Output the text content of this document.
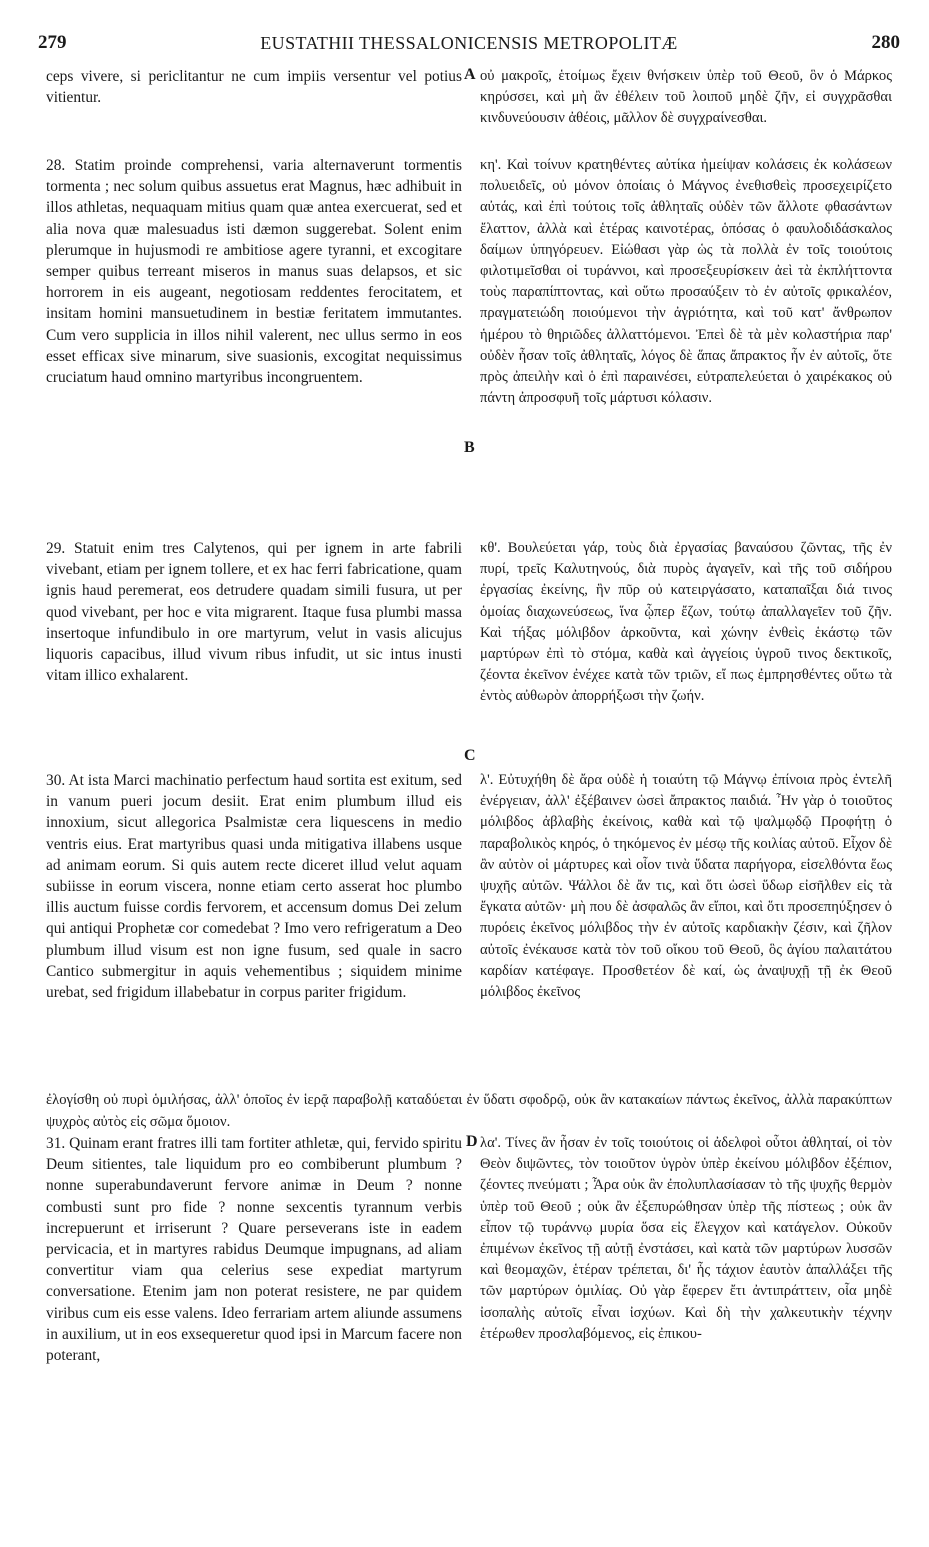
279	EUSTATHII THESSALONICENSIS METROPOLITÆ	280

ceps vivere, si periclitantur ne cum impiis versentur vel potius vitientur.

28. Statim proinde comprehensi, varia alternaverunt tormentis tormenta ; nec solum quibus assuetus erat Magnus, hæc adhibuit in illos athletas, nequaquam mitius quam quæ antea exercuerat, sed et alia nova quæ malesuadus isti dæmon suggerebat. Solent enim plerumque in hujusmodi re ambitiose agere tyranni, et excogitare semper quibus terreant miseros in manus suas delapsos, et sic horrorem in eis augeant, negotiosam reddentes ferocitatem, et insitam homini mansuetudinem in bestiæ feritatem immutantes. Cum vero supplicia in illos nihil valerent, nec ullus sermo in eos esset efficax sive minarum, sive suasionis, excogitat nequissimus cruciatum haud omnino martyribus incongruentem.

29. Statuit enim tres Calytenos, qui per ignem in arte fabrili vivebant, etiam per ignem tollere, et ex hac ferri fabricatione, quam ignis haud peremerat, eos detrudere quadam simili fusura, ut per quod vivebant, per hoc e vita migrarent. Itaque fusa plumbi massa insertoque infundibulo in ore martyrum, velut in vasis alicujus liquoris capacibus, illud vivum ribus infudit, ut sic intus inusti vitam illico exhalarent.

30. At ista Marci machinatio perfectum haud sortita est exitum, sed in vanum pueri jocum desiit. Erat enim plumbum illud eis innoxium, sicut allegorica Psalmistæ cera liquescens in medio ventris eius. Erat martyribus quasi unda mitigativa illabens usque ad animam eorum. Si quis autem recte diceret illud velut aquam subiisse in eorum viscera, nonne etiam certo asserat hoc plumbo illis auctum fuisse cordis fervorem, et accensum domus Dei zelum qui antiqui Prophetæ cor comedebat ? Imo vero refrigeratum a Deo plumbum illud visum est non igne fusum, sed quale in sacro Cantico submergitur in aquis vehementibus ; siquidem minime urebat, sed frigidum illabebatur in corpus pariter frigidum.

31. Quinam erant fratres illi tam fortiter athletæ, qui, fervido spiritu Deum sitientes, tale liquidum pro eo combiberunt plumbum ? nonne superabundaverunt fervore animæ in Deum ? nonne combusti sunt pro fide ? nonne sexcentis tyrannum verbis increpuerunt et irriserunt ? Quare perseverans iste in eadem pervicacia, et in martyres rabidus Deumque impugnans, ad aliam convertitur viam qua celerius sese expediat martyrum conversatione. Etenim jam non poterat resistere, ne par quidem viribus cum eis esse valens. Ideo ferrariam artem aliunde assumens in auxilium, ut in eos exsequeretur quod ipsi in Marcum facere non poterant,

A
B
C
D

οὐ μακροῖς, ἑτοίμως ἔχειν θνήσκειν ὑπὲρ τοῦ Θεοῦ, ὃν ὁ Μάρκος κηρύσσει, καὶ μὴ ἂν ἐθέλειν τοῦ λοιποῦ μηδὲ ζῆν, εἰ συγχρᾶσθαι κινδυνεύουσιν ἀθέοις, μᾶλλον δὲ συγχραίνεσθαι.

κη'. Καὶ τοίνυν κρατηθέντες αὐτίκα ἠμείψαν κολάσεις ἐκ κολάσεων πολυειδεῖς, οὐ μόνον ὁποίαις ὁ Μάγνος ἐνεθισθεὶς προσεχειρίζετο αὐτάς, καὶ ἐπὶ τούτοις τοῖς ἀθληταῖς οὐδὲν τῶν ἄλλοτε φθασάντων ἔλαττον, ἀλλὰ καὶ ἑτέρας καινοτέρας, ὁπόσας ὁ φαυλοδιδάσκαλος δαίμων ὑπηγόρευεν. Εἰώθασι γὰρ ὡς τὰ πολλὰ ἐν τοῖς τοιούτοις φιλοτιμεῖσθαι οἱ τυράννοι, καὶ προσεξευρίσκειν ἀεὶ τὰ ἐκπλήττοντα τοὺς παραπίπτοντας, καὶ οὕτω προσαύξειν τὸ ἐν αὐτοῖς φρικαλέον, πραγματειώδη ποιούμενοι τὴν ἀγριότητα, καὶ τοῦ κατ' ἄνθρωπον ἡμέρου τὸ θηριῶδες ἀλλαττόμενοι. Ἐπεὶ δὲ τὰ μὲν κολαστήρια παρ' οὐδὲν ἦσαν τοῖς ἀθληταῖς, λόγος δὲ ἅπας ἄπρακτος ἦν ἐν αὐτοῖς, ὅτε πρὸς ἀπειλὴν καὶ ὁ ἐπὶ παραινέσει, εὐτραπελεύεται ὁ χαιρέκακος οὐ πάντη ἀπροσφυῆ τοῖς μάρτυσι κόλασιν.

κθ'. Βουλεύεται γάρ, τοὺς διὰ ἐργασίας βαναύσου ζῶντας, τῆς ἐν πυρί, τρεῖς Καλυτηνούς, διὰ πυρὸς ἀγαγεῖν, καὶ τῆς τοῦ σιδήρου ἐργασίας ἐκείνης, ἣν πῦρ οὐ κατειργάσατο, καταπαῖξαι διά τινος ὁμοίας διαχωνεύσεως, ἵνα ᾧπερ ἔζων, τούτῳ ἀπαλλαγεῖεν τοῦ ζῆν. Καὶ τήξας μόλιβδον ἀρκοῦντα, καὶ χώνην ἐνθεὶς ἑκάστῳ τῶν μαρτύρων ἐπὶ τὸ στόμα, καθὰ καὶ ἀγγείοις ὑγροῦ τινος δεκτικοῖς, ζέοντα ἐκεῖνον ἐνέχεε κατὰ τῶν τριῶν, εἴ πως ἐμπρησθέντες οὕτω τὰ ἐντὸς αὐθωρὸν ἀπορρήξωσι τὴν ζωήν.

λ'. Εὐτυχήθη δὲ ἄρα οὐδὲ ἡ τοιαύτη τῷ Μάγνῳ ἐπίνοια πρὸς ἐντελῆ ἐνέργειαν, ἀλλ' ἐξέβαινεν ὡσεὶ ἄπρακτος παιδιά. Ἦν γὰρ ὁ τοιοῦτος μόλιβδος ἀβλαβὴς ἐκείνοις, καθὰ καὶ τῷ ψαλμῳδῷ Προφήτῃ ὁ παραβολικὸς κηρός, ὁ τηκόμενος ἐν μέσῳ τῆς κοιλίας αὐτοῦ. Εἶχον δὲ ἂν αὐτὸν οἱ μάρτυρες καὶ οἷον τινὰ ὕδατα παρήγορα, εἰσελθόντα ἕως ψυχῆς αὐτῶν. Ψάλλοι δὲ ἄν τις, καὶ ὅτι ὡσεὶ ὕδωρ εἰσῆλθεν εἰς τὰ ἔγκατα αὐτῶν· μὴ που δὲ ἀσφαλῶς ἂν εἴποι, καὶ ὅτι προσεπηύξησεν ὁ πυρόεις ἐκεῖνος μόλιβδος τὴν ἐν αὐτοῖς καρδιακὴν ζέσιν, καὶ ζῆλον αὐτοῖς ἐνέκαυσε κατὰ τὸν τοῦ οἴκου τοῦ Θεοῦ, ὃς ἁγίου παλαιτάτου καρδίαν κατέφαγε. Προσθετέον δὲ καί, ὡς ἀναψυχῇ τῇ ἐκ Θεοῦ μόλιβδος ἐκεῖνος

ἐλογίσθη οὐ πυρὶ ὁμιλήσας, ἀλλ' ὁποῖος ἐν ἱερᾷ παραβολῇ καταδύεται ἐν ὕδατι σφοδρῷ, οὐκ ἂν κατακαίων πάντως ἐκεῖνος, ἀλλὰ παρακύπτων ψυχρὸς αὐτὸς εἰς σῶμα ὅμοιον.

λα'. Τίνες ἂν ἦσαν ἐν τοῖς τοιούτοις οἱ ἀδελφοὶ οὗτοι ἀθληταί, οἱ τὸν Θεὸν διψῶντες, τὸν τοιοῦτον ὑγρὸν ὑπὲρ ἐκείνου μόλιβδον ἐξέπιον, ζέοντες πνεύματι ; Ἆρα οὐκ ἂν ἐπολυπλασίασαν τὸ τῆς ψυχῆς θερμὸν ὑπὲρ τοῦ Θεοῦ ; οὐκ ἂν ἐξεπυρώθησαν ὑπὲρ τῆς πίστεως ; οὐκ ἂν εἶπον τῷ τυράννῳ μυρία ὅσα εἰς ἔλεγχον καὶ κατάγελον. Οὐκοῦν ἐπιμένων ἐκεῖνος τῇ αὐτῇ ἐνστάσει, καὶ κατὰ τῶν μαρτύρων λυσσῶν καὶ θεομαχῶν, ἑτέραν τρέπεται, δι' ἧς τάχιον ἑαυτὸν ἀπαλλάξει τῆς τῶν μαρτύρων ὁμιλίας. Οὐ γὰρ ἔφερεν ἔτι ἀντιπράττειν, οἷα μηδὲ ἰσοπαλὴς αὐτοῖς εἶναι ἰσχύων. Καὶ δὴ τὴν χαλκευτικὴν τέχνην ἑτέρωθεν προσλαβόμενος, εἰς ἐπικου-
